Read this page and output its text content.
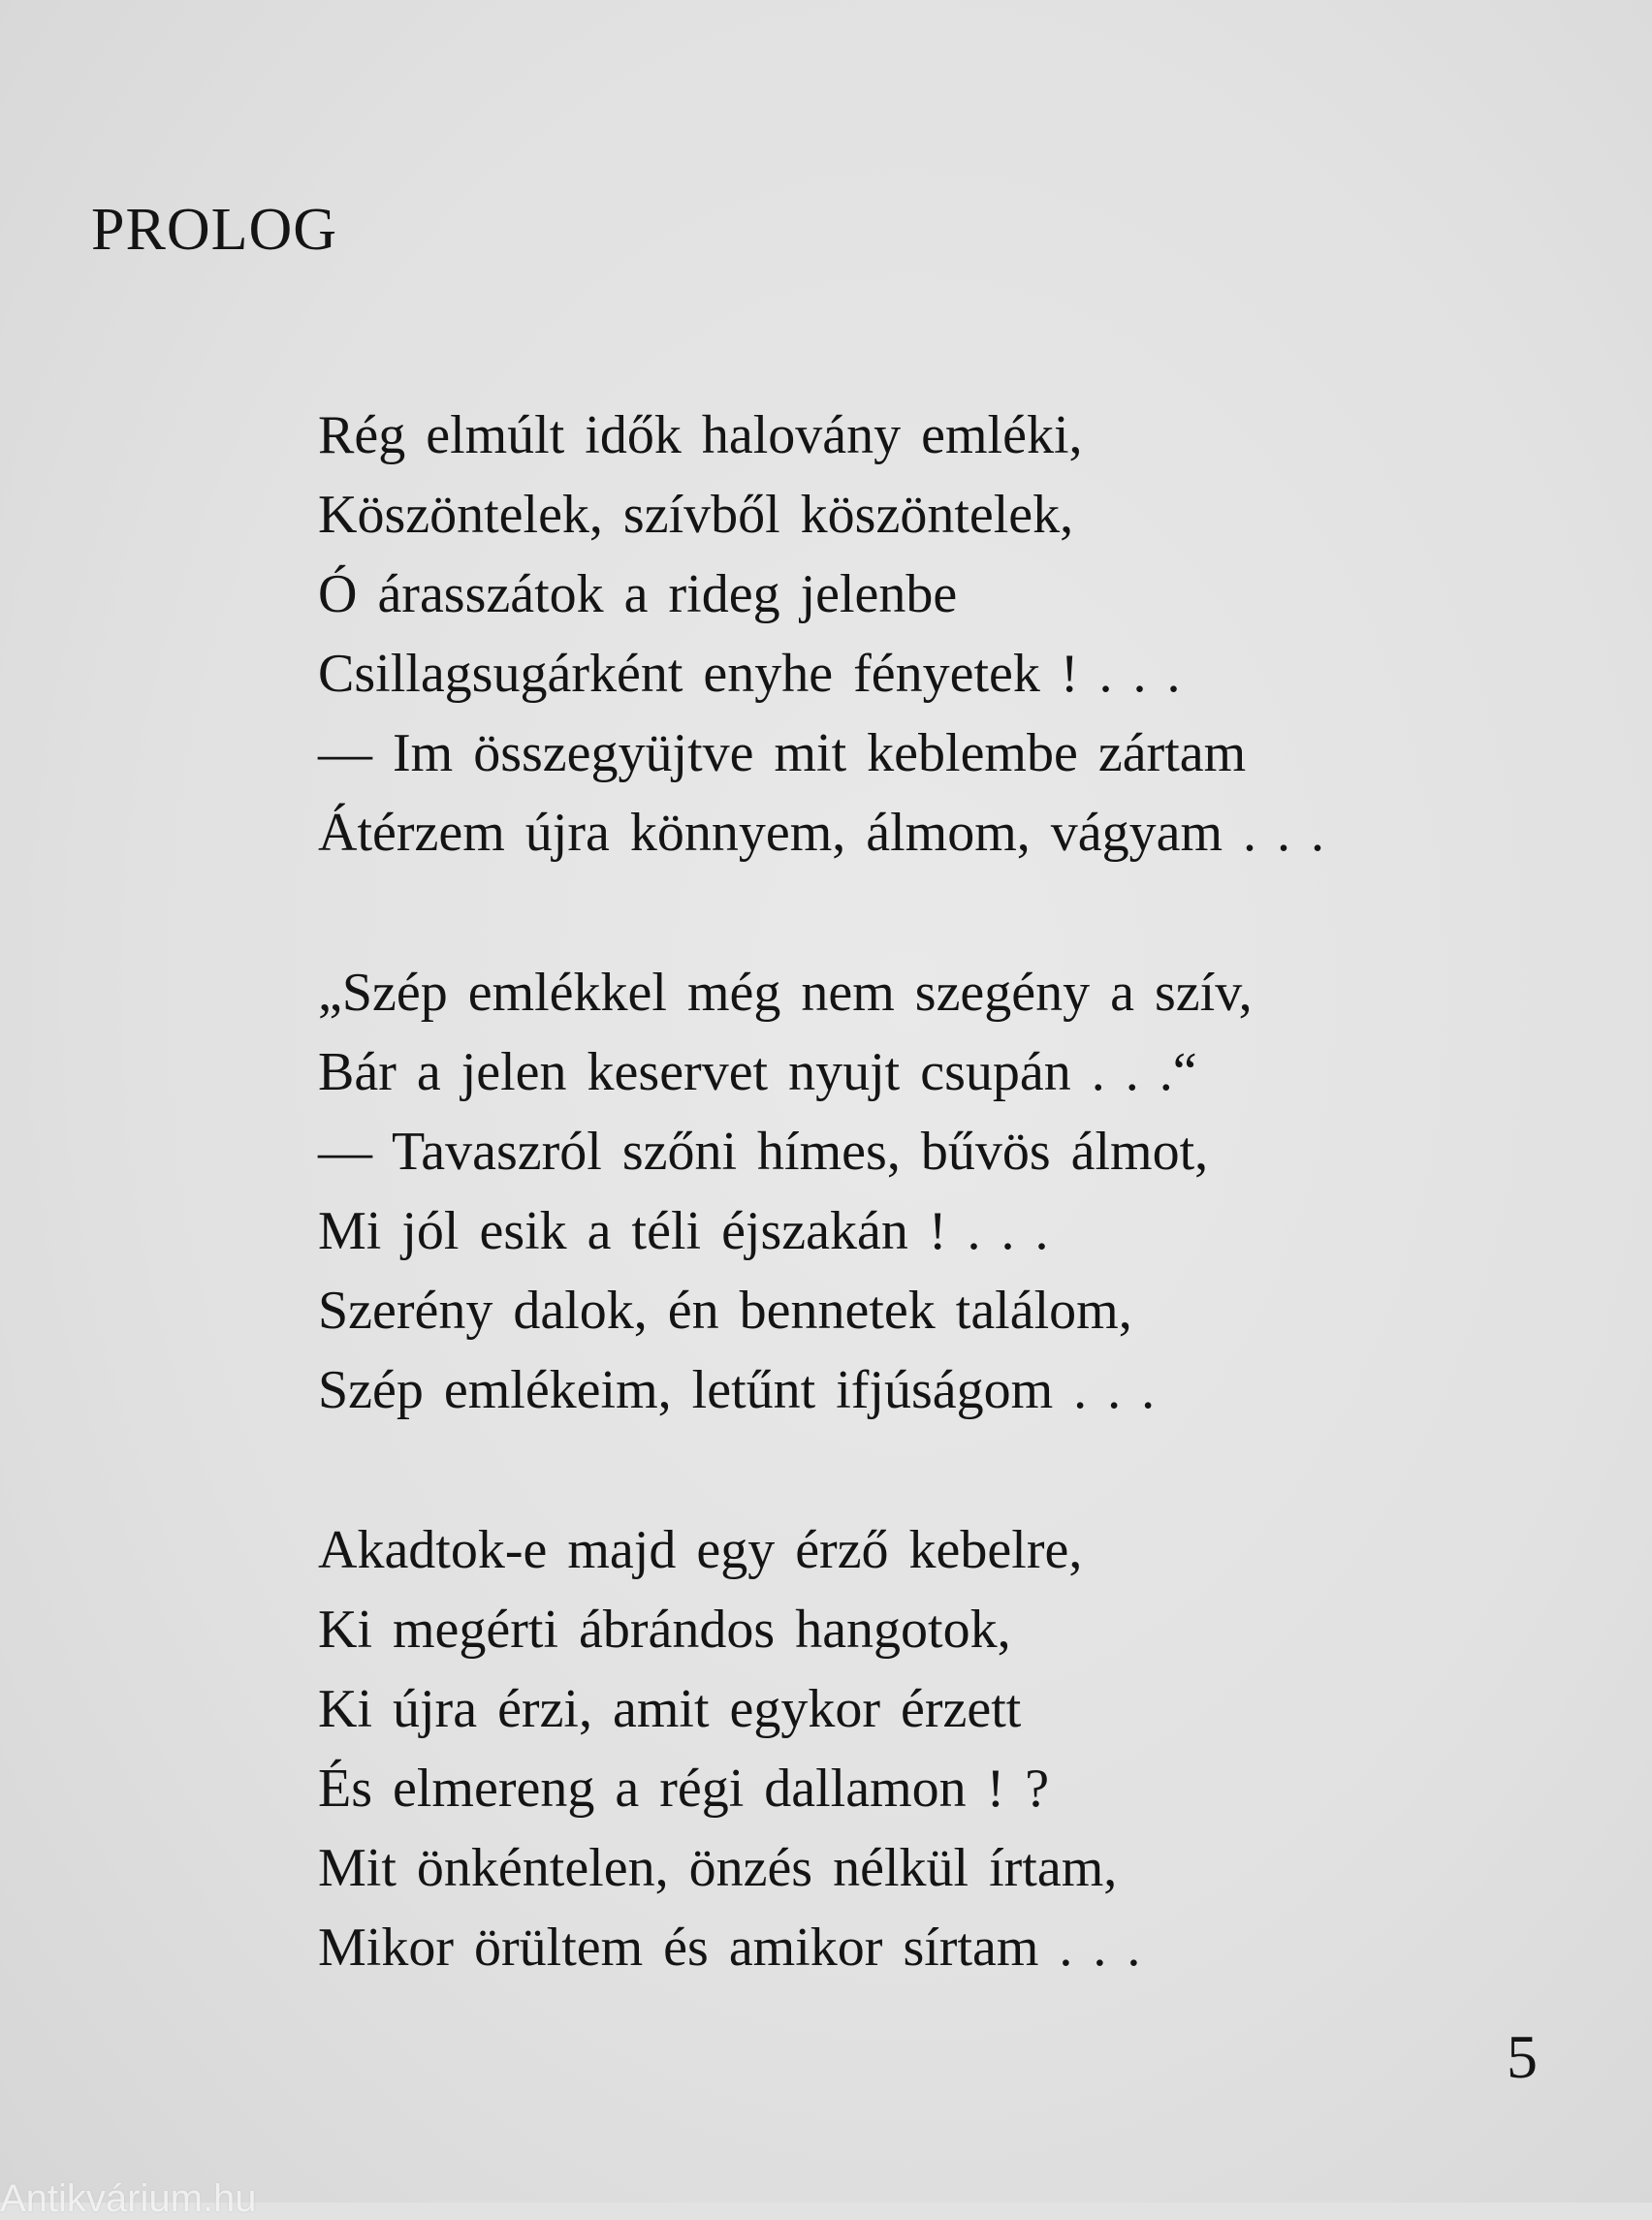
PROLOG
Rég elmúlt idők halovány emléki,
Köszöntelek, szívből köszöntelek,
Ó árasszátok a rideg jelenbe
Csillagsugárként enyhe fényetek ! . . .
— Im összegyüjtve mit keblembe zártam
Átérzem újra könnyem, álmom, vágyam . . .
„Szép emlékkel még nem szegény a szív,
Bár a jelen keservet nyujt csupán . . .“
— Tavaszról szőni hímes, bűvös álmot,
Mi jól esik a téli éjszakán ! . . .
Szerény dalok, én bennetek találom,
Szép emlékeim, letűnt ifjúságom . . .
Akadtok-e majd egy érző kebelre,
Ki megérti ábrándos hangotok,
Ki újra érzi, amit egykor érzett
És elmereng a régi dallamon ! ?
Mit önkéntelen, önzés nélkül írtam,
Mikor örültem és amikor sírtam . . .
5
Antikvárium.hu
